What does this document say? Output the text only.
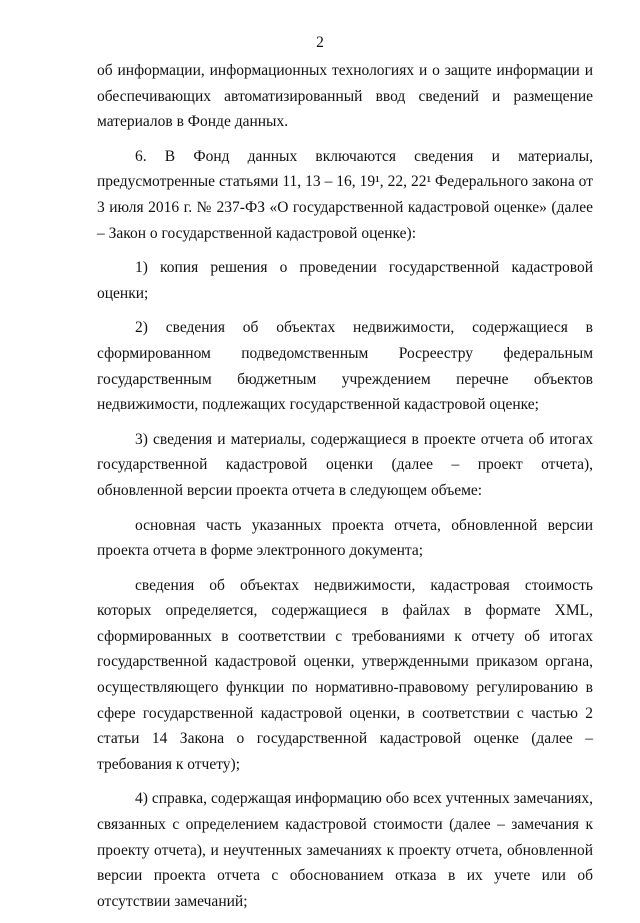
2

об информации, информационных технологиях и о защите информации и обеспечивающих автоматизированный ввод сведений и размещение материалов в Фонде данных.

6. В Фонд данных включаются сведения и материалы, предусмотренные статьями 11, 13 – 16, 19¹, 22, 22¹ Федерального закона от 3 июля 2016 г. № 237-ФЗ «О государственной кадастровой оценке» (далее – Закон о государственной кадастровой оценке):

1) копия решения о проведении государственной кадастровой оценки;

2) сведения об объектах недвижимости, содержащиеся в сформированном подведомственным Росреестру федеральным государственным бюджетным учреждением перечне объектов недвижимости, подлежащих государственной кадастровой оценке;

3) сведения и материалы, содержащиеся в проекте отчета об итогах государственной кадастровой оценки (далее – проект отчета), обновленной версии проекта отчета в следующем объеме:

основная часть указанных проекта отчета, обновленной версии проекта отчета в форме электронного документа;

сведения об объектах недвижимости, кадастровая стоимость которых определяется, содержащиеся в файлах в формате XML, сформированных в соответствии с требованиями к отчету об итогах государственной кадастровой оценки, утвержденными приказом органа, осуществляющего функции по нормативно-правовому регулированию в сфере государственной кадастровой оценки, в соответствии с частью 2 статьи 14 Закона о государственной кадастровой оценке (далее – требования к отчету);

4) справка, содержащая информацию обо всех учтенных замечаниях, связанных с определением кадастровой стоимости (далее – замечания к проекту отчета), и неучтенных замечаниях к проекту отчета, обновленной версии проекта отчета с обоснованием отказа в их учете или об отсутствии замечаний;
